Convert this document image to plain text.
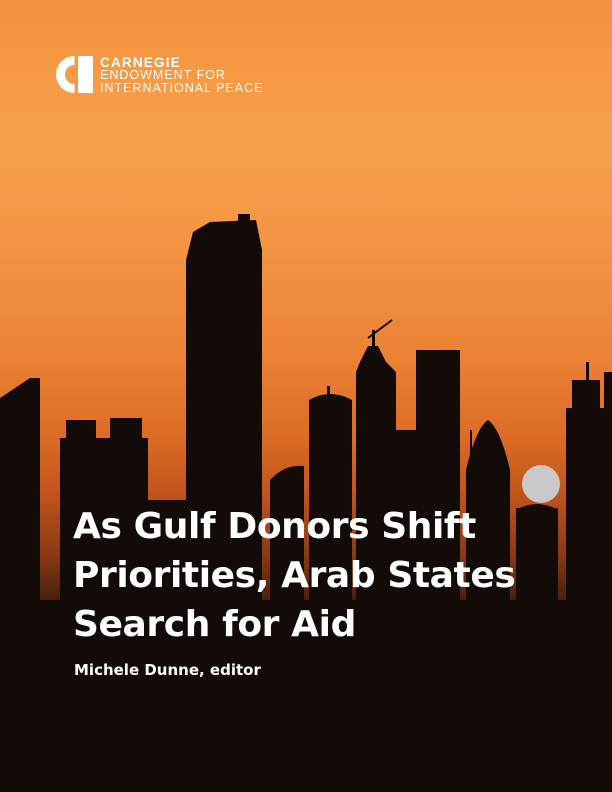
CARNEGIE
ENDOWMENT FOR
INTERNATIONAL PEACE
As Gulf Donors Shift
Priorities, Arab States
Search for Aid
Michele Dunne, editor
